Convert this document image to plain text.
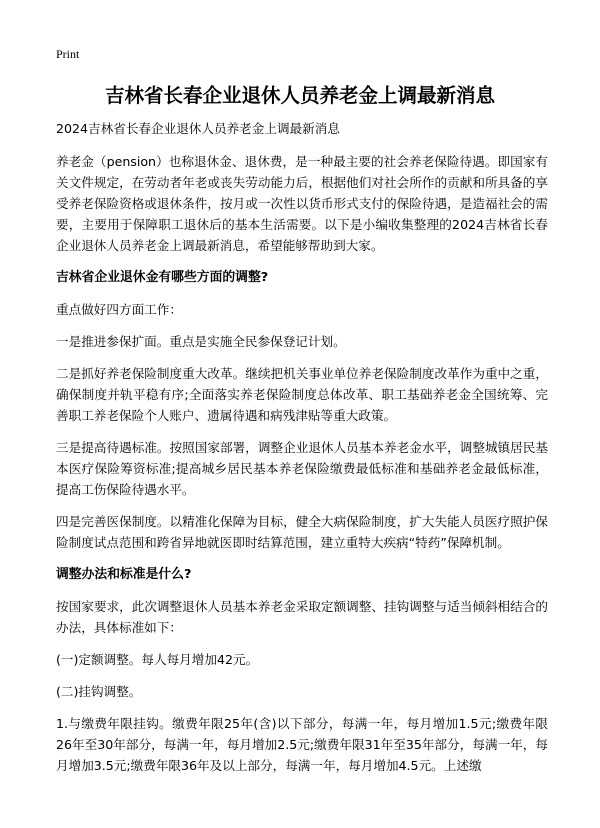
Print
吉林省长春企业退休人员养老金上调最新消息

2024吉林省长春企业退休人员养老金上调最新消息

养老金（pension）也称退休金、退休费，是一种最主要的社会养老保险待遇。即国家有关文件规定，在劳动者年老或丧失劳动能力后，根据他们对社会所作的贡献和所具备的享受养老保险资格或退休条件，按月或一次性以货币形式支付的保险待遇，是造福社会的需要，主要用于保障职工退休后的基本生活需要。以下是小编收集整理的2024吉林省长春企业退休人员养老金上调最新消息，希望能够帮助到大家。

吉林省企业退休金有哪些方面的调整?

重点做好四方面工作：

一是推进参保扩面。重点是实施全民参保登记计划。

二是抓好养老保险制度重大改革。继续把机关事业单位养老保险制度改革作为重中之重，确保制度并轨平稳有序;全面落实养老保险制度总体改革、职工基础养老金全国统筹、完善职工养老保险个人账户、遗属待遇和病残津贴等重大政策。

三是提高待遇标准。按照国家部署，调整企业退休人员基本养老金水平，调整城镇居民基本医疗保险筹资标准;提高城乡居民基本养老保险缴费最低标准和基础养老金最低标准，提高工伤保险待遇水平。

四是完善医保制度。以精准化保障为目标，健全大病保险制度，扩大失能人员医疗照护保险制度试点范围和跨省异地就医即时结算范围，建立重特大疾病“特药”保障机制。

调整办法和标准是什么?

按国家要求，此次调整退休人员基本养老金采取定额调整、挂钩调整与适当倾斜相结合的办法，具体标准如下：

(一)定额调整。每人每月增加42元。

(二)挂钩调整。

1.与缴费年限挂钩。缴费年限25年(含)以下部分，每满一年，每月增加1.5元;缴费年限26年至30年部分，每满一年，每月增加2.5元;缴费年限31年至35年部分，每满一年，每月增加3.5元;缴费年限36年及以上部分，每满一年，每月增加4.5元。上述缴
